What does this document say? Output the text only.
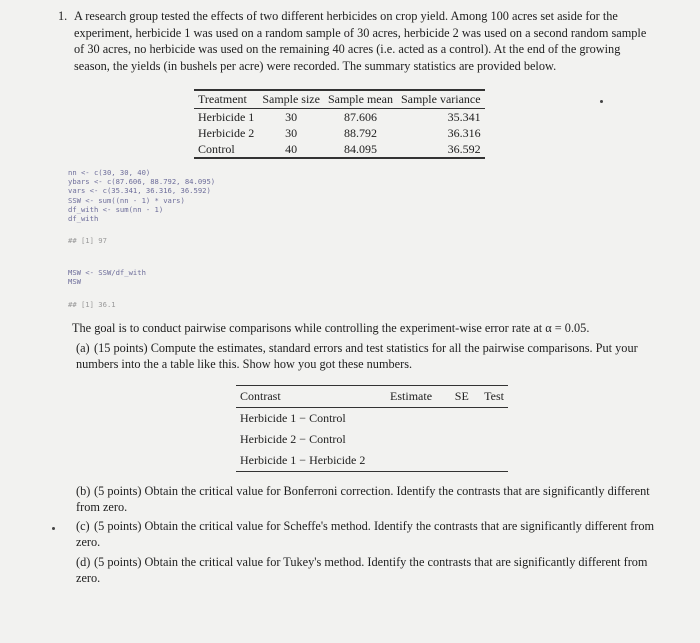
1. A research group tested the effects of two different herbicides on crop yield. Among 100 acres set aside for the experiment, herbicide 1 was used on a random sample of 30 acres, herbicide 2 was used on a second random sample of 30 acres, no herbicide was used on the remaining 40 acres (i.e. acted as a control). At the end of the growing season, the yields (in bushels per acre) were recorded. The summary statistics are provided below.
Treatment	Sample size	Sample mean	Sample variance
Herbicide 1	30	87.606	35.341
Herbicide 2	30	88.792	36.316
Control	40	84.095	36.592
nn <- c(30, 30, 40)
ybars <- c(87.606, 88.792, 84.095)
vars <- c(35.341, 36.316, 36.592)
SSW <- sum((nn - 1) * vars)
df_with <- sum(nn - 1)
df_with
## [1] 97
MSW <- SSW/df_with
MSW
## [1] 36.1
The goal is to conduct pairwise comparisons while controlling the experiment-wise error rate at α = 0.05.
(a) (15 points) Compute the estimates, standard errors and test statistics for all the pairwise comparisons. Put your numbers into the a table like this. Show how you got these numbers.
Contrast	Estimate	SE	Test
Herbicide 1 − Control			
Herbicide 2 − Control			
Herbicide 1 − Herbicide 2			
(b) (5 points) Obtain the critical value for Bonferroni correction. Identify the contrasts that are significantly different from zero.
(c) (5 points) Obtain the critical value for Scheffe's method. Identify the contrasts that are significantly different from zero.
(d) (5 points) Obtain the critical value for Tukey's method. Identify the contrasts that are significantly different from zero.
